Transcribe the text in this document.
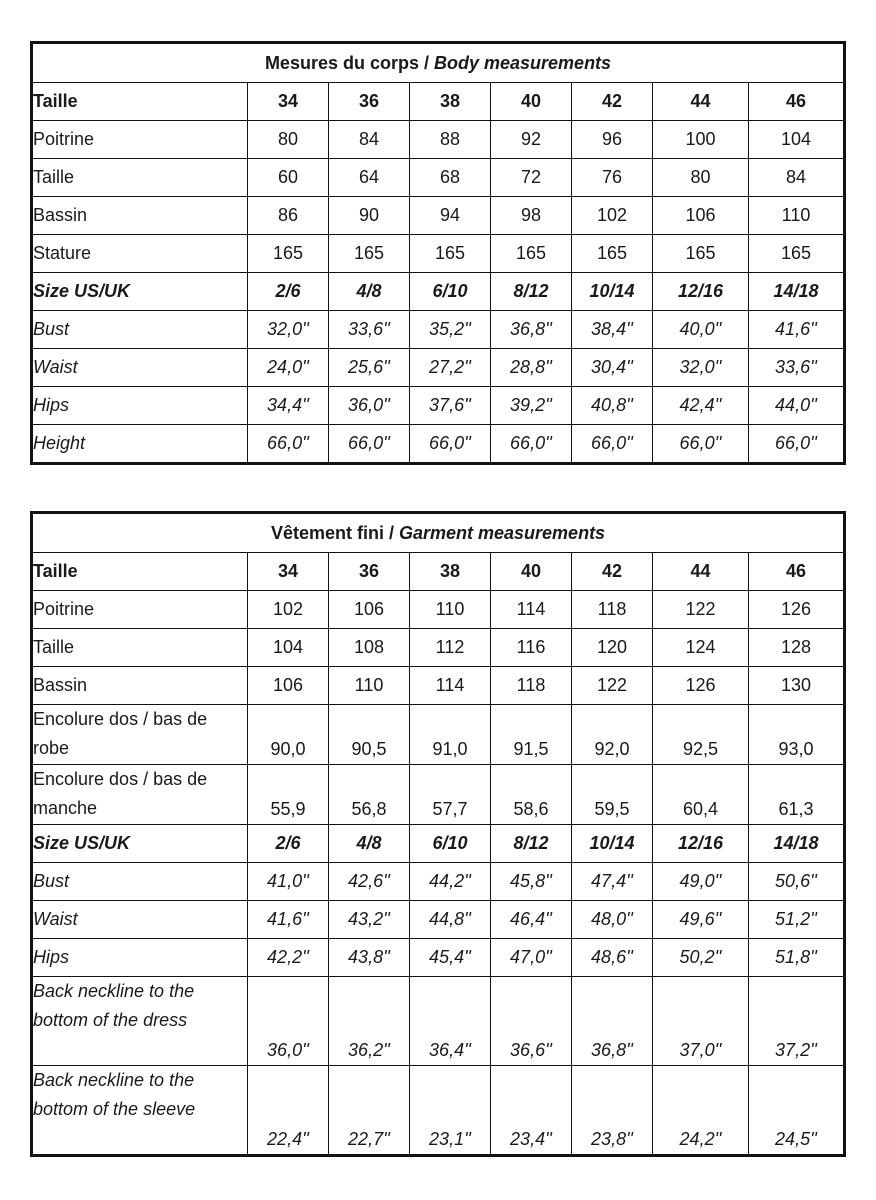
Mesures du corps / Body measurements							
Taille	34	36	38	40	42	44	46
Poitrine	80	84	88	92	96	100	104
Taille	60	64	68	72	76	80	84
Bassin	86	90	94	98	102	106	110
Stature	165	165	165	165	165	165	165
Size US/UK	2/6	4/8	6/10	8/12	10/14	12/16	14/18
Bust	32,0''	33,6''	35,2''	36,8''	38,4''	40,0''	41,6''
Waist	24,0''	25,6''	27,2''	28,8''	30,4''	32,0''	33,6''
Hips	34,4''	36,0''	37,6''	39,2''	40,8''	42,4''	44,0''
Height	66,0''	66,0''	66,0''	66,0''	66,0''	66,0''	66,0''
Vêtement fini / Garment measurements							
Taille	34	36	38	40	42	44	46
Poitrine	102	106	110	114	118	122	126
Taille	104	108	112	116	120	124	128
Bassin	106	110	114	118	122	126	130
Encolure dos / bas de robe	90,0	90,5	91,0	91,5	92,0	92,5	93,0
Encolure dos / bas de manche	55,9	56,8	57,7	58,6	59,5	60,4	61,3
Size US/UK	2/6	4/8	6/10	8/12	10/14	12/16	14/18
Bust	41,0''	42,6''	44,2''	45,8''	47,4''	49,0''	50,6''
Waist	41,6''	43,2''	44,8''	46,4''	48,0''	49,6''	51,2''
Hips	42,2''	43,8''	45,4''	47,0''	48,6''	50,2''	51,8''
Back neckline to the bottom of the dress	36,0''	36,2''	36,4''	36,6''	36,8''	37,0''	37,2''
Back neckline to the bottom of the sleeve	22,4''	22,7''	23,1''	23,4''	23,8''	24,2''	24,5''
